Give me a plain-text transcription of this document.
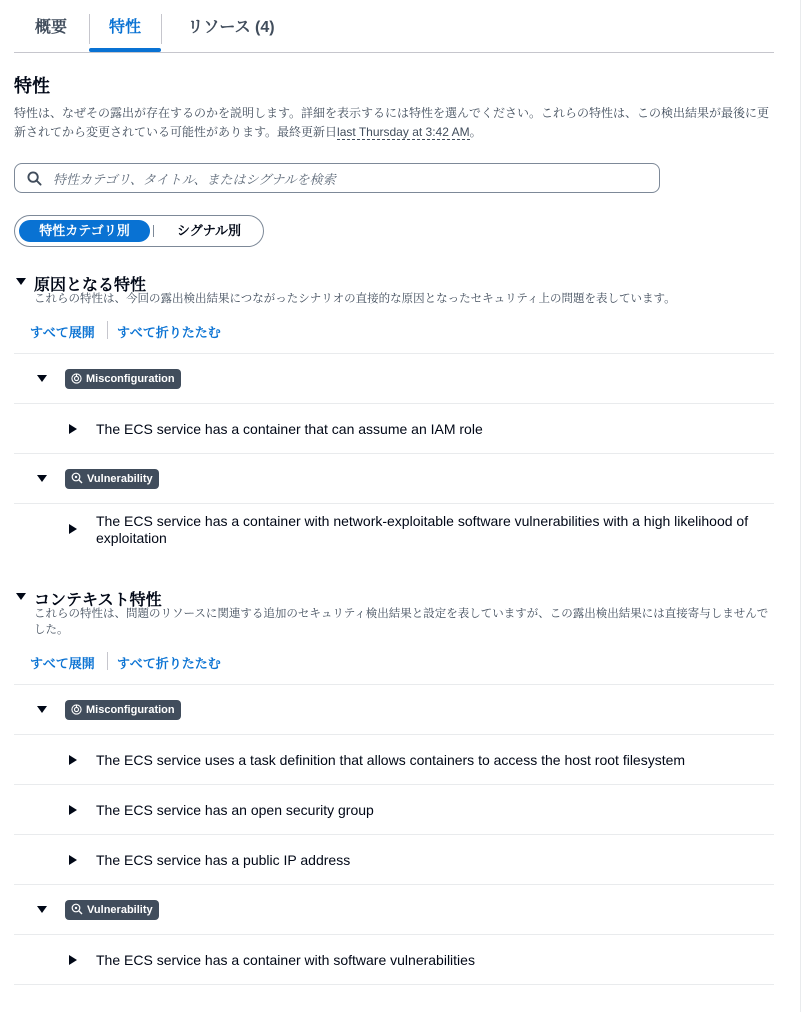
概要	特性	リソース (4)
特性
特性は、なぜその露出が存在するのかを説明します。詳細を表示するには特性を選んでください。これらの特性は、この検出結果が最後に更新されてから変更されている可能性があります。最終更新日last Thursday at 3:42 AM。
特性カテゴリ、タイトル、またはシグナルを検索
特性カテゴリ別	シグナル別
原因となる特性
これらの特性は、今回の露出検出結果につながったシナリオの直接的な原因となったセキュリティ上の問題を表しています。
すべて展開 すべて折りたたむ
Misconfiguration
The ECS service has a container that can assume an IAM role
Vulnerability
The ECS service has a container with network-exploitable software vulnerabilities with a high likelihood of exploitation
コンテキスト特性
これらの特性は、問題のリソースに関連する追加のセキュリティ検出結果と設定を表していますが、この露出検出結果には直接寄与しませんでした。
すべて展開 すべて折りたたむ
Misconfiguration
The ECS service uses a task definition that allows containers to access the host root filesystem
The ECS service has an open security group
The ECS service has a public IP address
Vulnerability
The ECS service has a container with software vulnerabilities
